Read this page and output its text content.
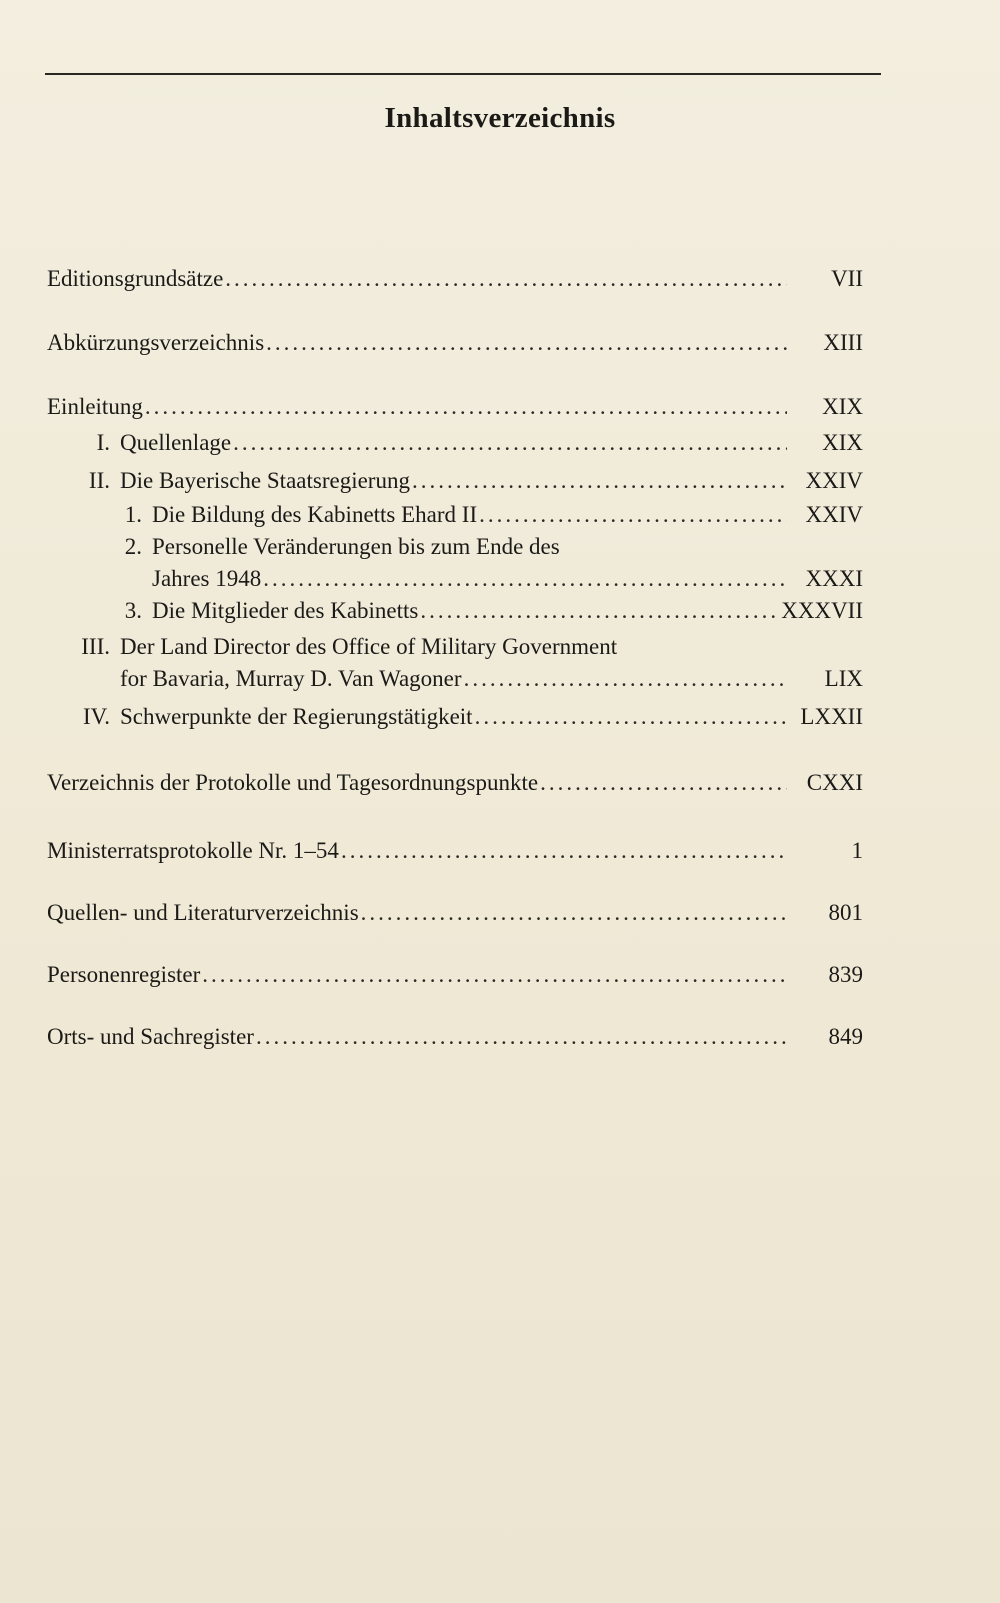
Inhaltsverzeichnis
Editionsgrundsätze .....	VII
Abkürzungsverzeichnis .....	XIII
Einleitung .....	XIX
I. Quellenlage .....	XIX
II. Die Bayerische Staatsregierung .....	XXIV
1. Die Bildung des Kabinetts Ehard II .....	XXIV
2. Personelle Veränderungen bis zum Ende des
Jahres 1948 .....	XXXI
3. Die Mitglieder des Kabinetts .....	XXXVII
III. Der Land Director des Office of Military Government
for Bavaria, Murray D. Van Wagoner .....	LIX
IV. Schwerpunkte der Regierungstätigkeit .....	LXXII
Verzeichnis der Protokolle und Tagesordnungspunkte .....	CXXI
Ministerratsprotokolle Nr. 1–54 .....	1
Quellen- und Literaturverzeichnis .....	801
Personenregister .....	839
Orts- und Sachregister .....	849
